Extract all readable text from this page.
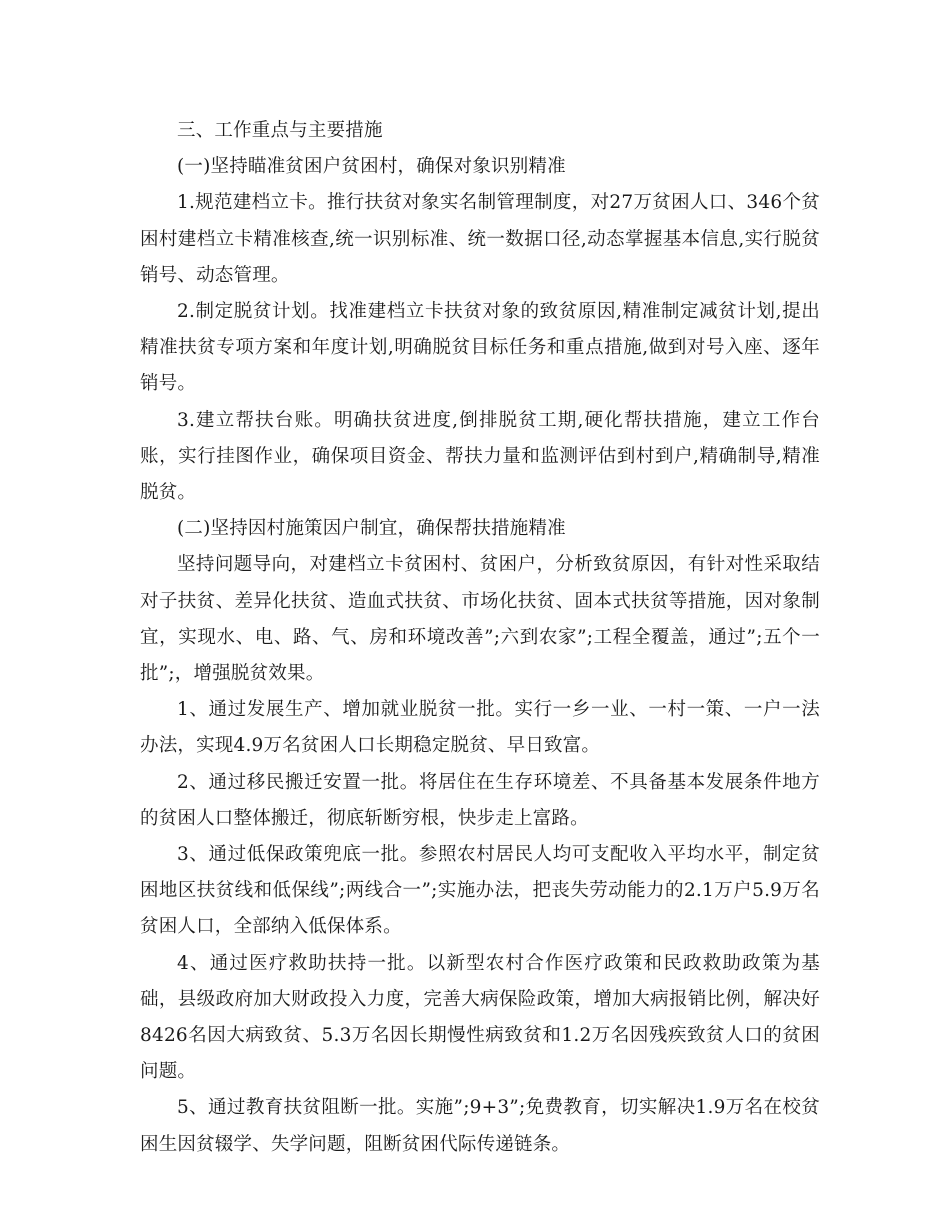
三、工作重点与主要措施

(一)坚持瞄准贫困户贫困村，确保对象识别精准

1.规范建档立卡。推行扶贫对象实名制管理制度，对27万贫困人口、346个贫困村建档立卡精准核查,统一识别标准、统一数据口径,动态掌握基本信息,实行脱贫销号、动态管理。

2.制定脱贫计划。找准建档立卡扶贫对象的致贫原因,精准制定减贫计划,提出精准扶贫专项方案和年度计划,明确脱贫目标任务和重点措施,做到对号入座、逐年销号。

3.建立帮扶台账。明确扶贫进度,倒排脱贫工期,硬化帮扶措施，建立工作台账，实行挂图作业，确保项目资金、帮扶力量和监测评估到村到户,精确制导,精准脱贫。

(二)坚持因村施策因户制宜，确保帮扶措施精准

坚持问题导向，对建档立卡贫困村、贫困户，分析致贫原因，有针对性采取结对子扶贫、差异化扶贫、造血式扶贫、市场化扶贫、固本式扶贫等措施，因对象制宜，实现水、电、路、气、房和环境改善”;六到农家”;工程全覆盖，通过”;五个一批”;，增强脱贫效果。

1、通过发展生产、增加就业脱贫一批。实行一乡一业、一村一策、一户一法办法，实现4.9万名贫困人口长期稳定脱贫、早日致富。

2、通过移民搬迁安置一批。将居住在生存环境差、不具备基本发展条件地方的贫困人口整体搬迁，彻底斩断穷根，快步走上富路。

3、通过低保政策兜底一批。参照农村居民人均可支配收入平均水平，制定贫困地区扶贫线和低保线”;两线合一”;实施办法，把丧失劳动能力的2.1万户5.9万名贫困人口，全部纳入低保体系。

4、通过医疗救助扶持一批。以新型农村合作医疗政策和民政救助政策为基础，县级政府加大财政投入力度，完善大病保险政策，增加大病报销比例，解决好8426名因大病致贫、5.3万名因长期慢性病致贫和1.2万名因残疾致贫人口的贫困问题。

5、通过教育扶贫阻断一批。实施”;9+3”;免费教育，切实解决1.9万名在校贫困生因贫辍学、失学问题，阻断贫困代际传递链条。
